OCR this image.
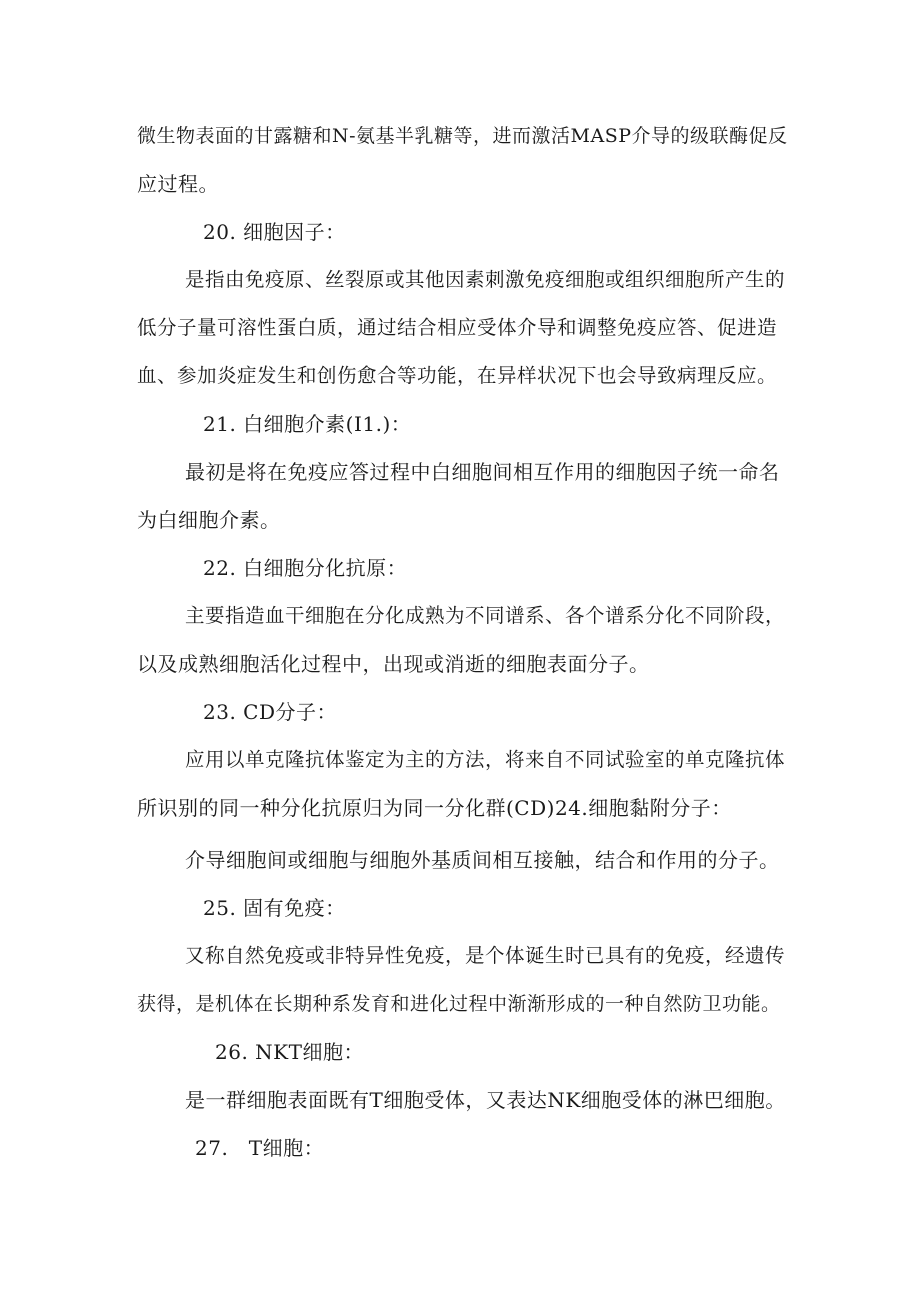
微生物表面的甘露糖和N-氨基半乳糖等，进而激活MASP介导的级联酶促反
应过程。
20. 细胞因子：
是指由免疫原、丝裂原或其他因素刺激免疫细胞或组织细胞所产生的
低分子量可溶性蛋白质，通过结合相应受体介导和调整免疫应答、促进造
血、参加炎症发生和创伤愈合等功能，在异样状况下也会导致病理反应。
21. 白细胞介素(I1.)：
最初是将在免疫应答过程中白细胞间相互作用的细胞因子统一命名
为白细胞介素。
22. 白细胞分化抗原：
主要指造血干细胞在分化成熟为不同谱系、各个谱系分化不同阶段，
以及成熟细胞活化过程中，出现或消逝的细胞表面分子。
23. CD分子：
应用以单克隆抗体鉴定为主的方法，将来自不同试验室的单克隆抗体
所识别的同一种分化抗原归为同一分化群(CD)24.细胞黏附分子：
介导细胞间或细胞与细胞外基质间相互接触，结合和作用的分子。
25. 固有免疫：
又称自然免疫或非特异性免疫，是个体诞生时已具有的免疫，经遗传
获得，是机体在长期种系发育和进化过程中渐渐形成的一种自然防卫功能。
26. NKT细胞：
是一群细胞表面既有T细胞受体，又表达NK细胞受体的淋巴细胞。
27.　T细胞：
